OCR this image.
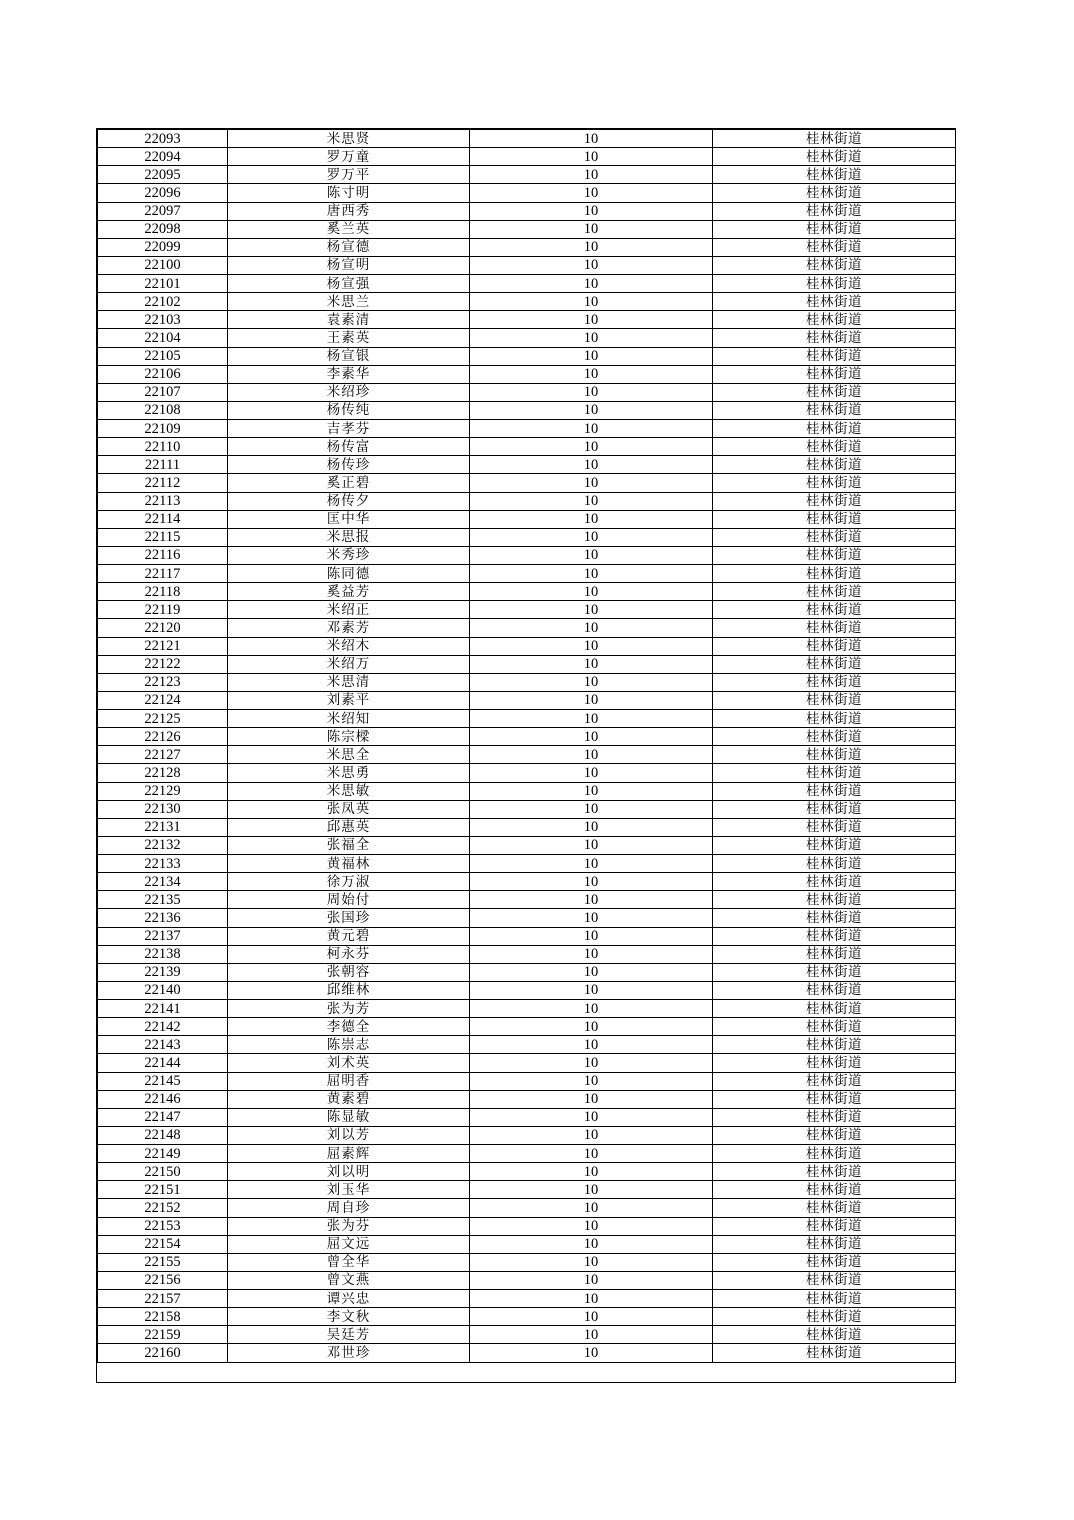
22093	米思贤	10	桂林街道
22094	罗万童	10	桂林街道
22095	罗万平	10	桂林街道
22096	陈寸明	10	桂林街道
22097	唐西秀	10	桂林街道
22098	奚兰英	10	桂林街道
22099	杨宣德	10	桂林街道
22100	杨宣明	10	桂林街道
22101	杨宣强	10	桂林街道
22102	米思兰	10	桂林街道
22103	袁素清	10	桂林街道
22104	王素英	10	桂林街道
22105	杨宣银	10	桂林街道
22106	李素华	10	桂林街道
22107	米绍珍	10	桂林街道
22108	杨传纯	10	桂林街道
22109	吉孝芬	10	桂林街道
22110	杨传富	10	桂林街道
22111	杨传珍	10	桂林街道
22112	奚正碧	10	桂林街道
22113	杨传夕	10	桂林街道
22114	匡中华	10	桂林街道
22115	米思报	10	桂林街道
22116	米秀珍	10	桂林街道
22117	陈同德	10	桂林街道
22118	奚益芳	10	桂林街道
22119	米绍正	10	桂林街道
22120	邓素芳	10	桂林街道
22121	米绍木	10	桂林街道
22122	米绍万	10	桂林街道
22123	米思清	10	桂林街道
22124	刘素平	10	桂林街道
22125	米绍知	10	桂林街道
22126	陈宗樑	10	桂林街道
22127	米思全	10	桂林街道
22128	米思勇	10	桂林街道
22129	米思敏	10	桂林街道
22130	张凤英	10	桂林街道
22131	邱惠英	10	桂林街道
22132	张福全	10	桂林街道
22133	黄福林	10	桂林街道
22134	徐万淑	10	桂林街道
22135	周始付	10	桂林街道
22136	张国珍	10	桂林街道
22137	黄元碧	10	桂林街道
22138	柯永芬	10	桂林街道
22139	张朝容	10	桂林街道
22140	邱维林	10	桂林街道
22141	张为芳	10	桂林街道
22142	李德全	10	桂林街道
22143	陈崇志	10	桂林街道
22144	刘术英	10	桂林街道
22145	屈明香	10	桂林街道
22146	黄素碧	10	桂林街道
22147	陈显敏	10	桂林街道
22148	刘以芳	10	桂林街道
22149	屈素辉	10	桂林街道
22150	刘以明	10	桂林街道
22151	刘玉华	10	桂林街道
22152	周自珍	10	桂林街道
22153	张为芬	10	桂林街道
22154	屈文远	10	桂林街道
22155	曾全华	10	桂林街道
22156	曾文燕	10	桂林街道
22157	谭兴忠	10	桂林街道
22158	李文秋	10	桂林街道
22159	吴廷芳	10	桂林街道
22160	邓世珍	10	桂林街道
